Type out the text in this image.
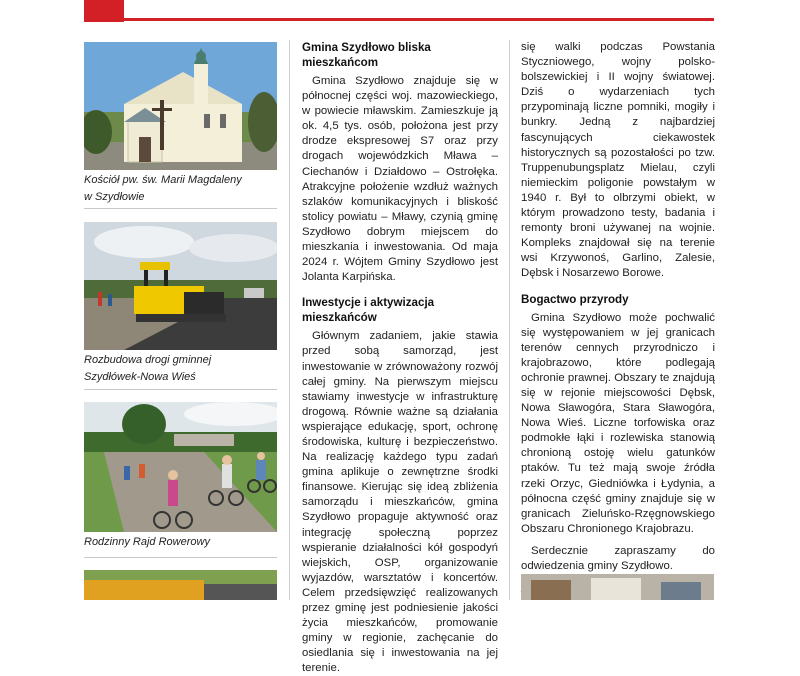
Kościół pw. św. Marii Magdaleny
w Szydłowie
Rozbudowa drogi gminnej
Szydłówek-Nowa Wieś
Rodzinny Rajd Rowerowy
Gmina Szydłowo bliska mieszkańcom

Gmina Szydłowo znajduje się w północnej części woj. mazowieckiego, w powiecie mławskim. Zamieszkuje ją ok. 4,5 tys. osób, położona jest przy drodze ekspresowej S7 oraz przy drogach wojewódzkich Mława – Ciechanów i Działdowo – Ostrołęka. Atrakcyjne położenie wzdłuż ważnych szlaków komunikacyjnych i bliskość stolicy powiatu – Mławy, czynią gminę Szydłowo dobrym miejscem do mieszkania i inwestowania. Od maja 2024 r. Wójtem Gminy Szydłowo jest Jolanta Karpińska.

Inwestycje i aktywizacja mieszkańców

Głównym zadaniem, jakie stawia przed sobą samorząd, jest inwestowanie w zrównoważony rozwój całej gminy. Na pierwszym miejscu stawiamy inwestycje w infrastrukturę drogową. Równie ważne są działania wspierające edukację, sport, ochronę środowiska, kulturę i bezpieczeństwo. Na realizację każdego typu zadań gmina aplikuje o zewnętrzne środki finansowe. Kierując się ideą zbliżenia samorządu i mieszkańców, gmina Szydłowo propaguje aktywność oraz integrację społeczną poprzez wspieranie działalności kół gospodyń wiejskich, OSP, organizowanie wyjazdów, warsztatów i koncertów. Celem przedsięwzięć realizowanych przez gminę jest podniesienie jakości życia mieszkańców, promowanie gminy w regionie, zachęcanie do osiedlania się i inwestowania na jej terenie.

się walki podczas Powstania Styczniowego, wojny polsko-bolszewickiej i II wojny światowej. Dziś o wydarzeniach tych przypominają liczne pomniki, mogiły i bunkry. Jedną z najbardziej fascynujących ciekawostek historycznych są pozostałości po tzw. Truppenubungsplatz Mielau, czyli niemieckim poligonie powstałym w 1940 r. Był to olbrzymi obiekt, w którym prowadzono testy, badania i remonty broni używanej na wojnie. Kompleks znajdował się na terenie wsi Krzywonoś, Garlino, Zalesie, Dębsk i Nosarzewo Borowe.

Bogactwo przyrody

Gmina Szydłowo może pochwalić się występowaniem w jej granicach terenów cennych przyrodniczo i krajobrazowo, które podlegają ochronie prawnej. Obszary te znajdują się w rejonie miejscowości Dębsk, Nowa Sławogóra, Stara Sławogóra, Nowa Wieś. Liczne torfowiska oraz podmokłe łąki i rozlewiska stanowią chronioną ostoję wielu gatunków ptaków. Tu też mają swoje źródła rzeki Orzyc, Giedniówka i Łydynia, a północna część gminy znajduje się w granicach Zieluńsko-Rzęgnowskiego Obszaru Chronionego Krajobrazu.

Serdecznie zapraszamy do odwiedzenia gminy Szydłowo.
